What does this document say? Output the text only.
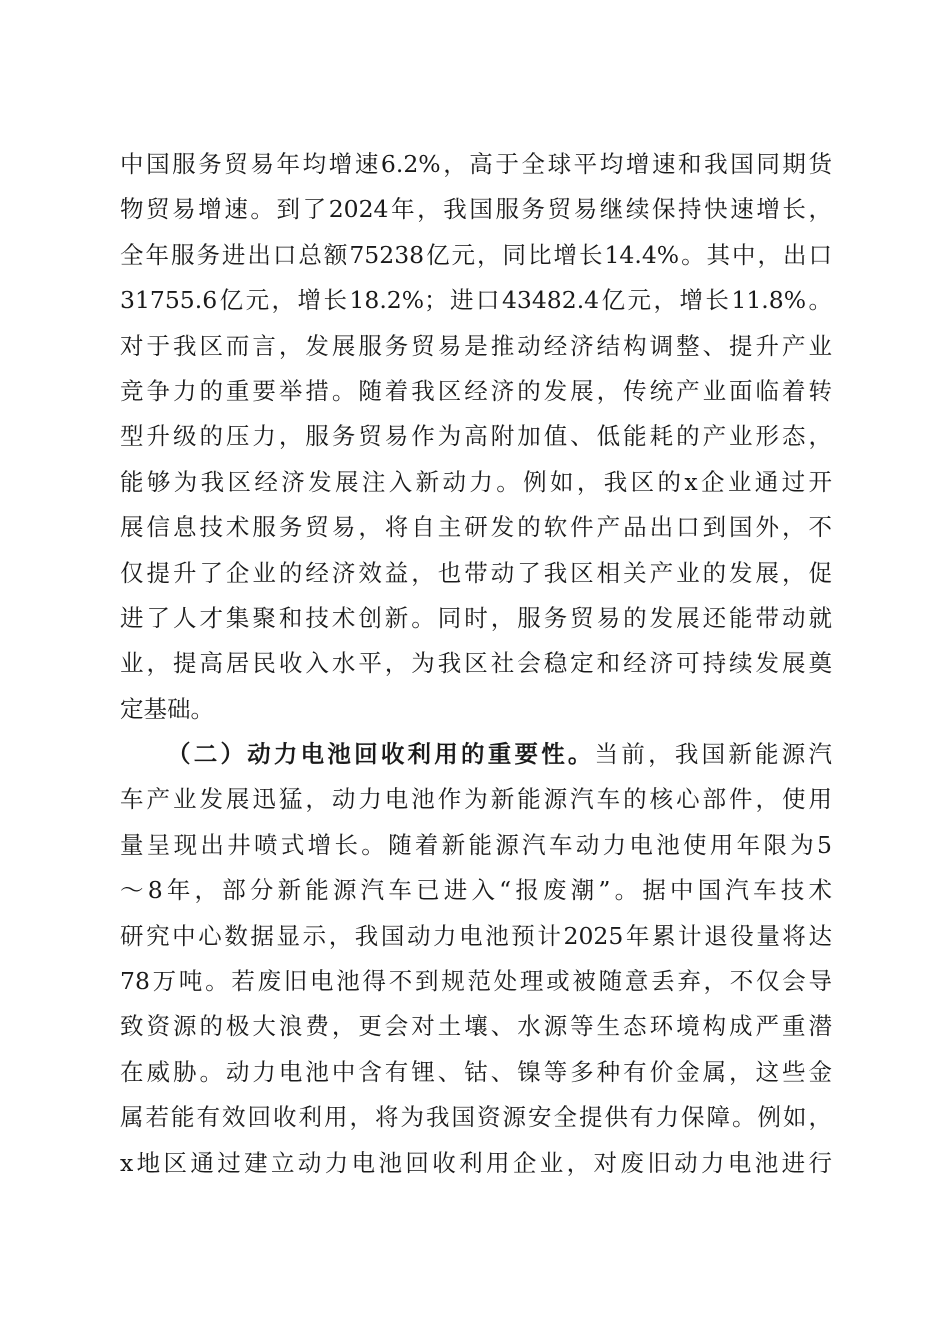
中国服务贸易年均增速6.2%，高于全球平均增速和我国同期货
物贸易增速。到了2024年，我国服务贸易继续保持快速增长，
全年服务进出口总额75238亿元，同比增长14.4%。其中，出口
31755.6亿元，增长18.2%；进口43482.4亿元，增长11.8%。
对于我区而言，发展服务贸易是推动经济结构调整、提升产业
竞争力的重要举措。随着我区经济的发展，传统产业面临着转
型升级的压力，服务贸易作为高附加值、低能耗的产业形态，
能够为我区经济发展注入新动力。例如，我区的x企业通过开
展信息技术服务贸易，将自主研发的软件产品出口到国外，不
仅提升了企业的经济效益，也带动了我区相关产业的发展，促
进了人才集聚和技术创新。同时，服务贸易的发展还能带动就
业，提高居民收入水平，为我区社会稳定和经济可持续发展奠
定基础。
（二）动力电池回收利用的重要性。当前，我国新能源汽
车产业发展迅猛，动力电池作为新能源汽车的核心部件，使用
量呈现出井喷式增长。随着新能源汽车动力电池使用年限为5
～8年，部分新能源汽车已进入“报废潮”。据中国汽车技术
研究中心数据显示，我国动力电池预计2025年累计退役量将达
78万吨。若废旧电池得不到规范处理或被随意丢弃，不仅会导
致资源的极大浪费，更会对土壤、水源等生态环境构成严重潜
在威胁。动力电池中含有锂、钴、镍等多种有价金属，这些金
属若能有效回收利用，将为我国资源安全提供有力保障。例如，
x地区通过建立动力电池回收利用企业，对废旧动力电池进行
